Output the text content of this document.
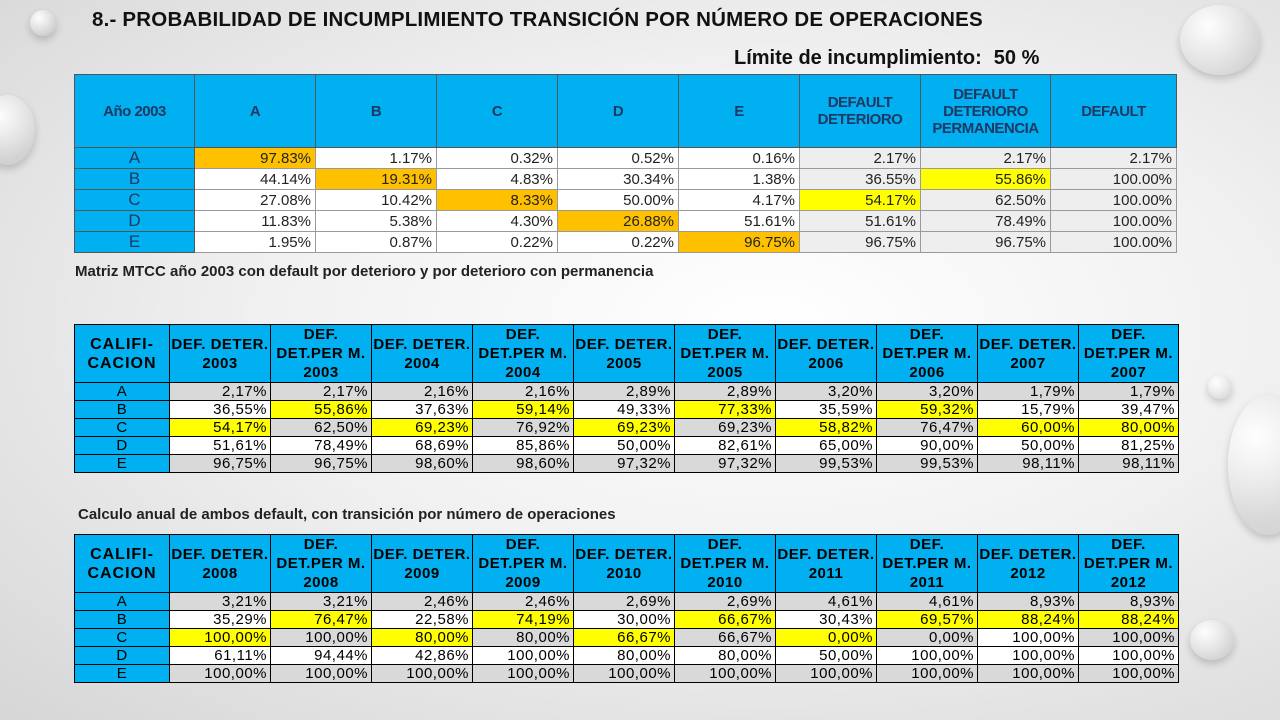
8.- PROBABILIDAD DE INCUMPLIMIENTO TRANSICIÓN POR NÚMERO DE OPERACIONES
Límite de incumplimiento: 50 %
Año 2003	A	B	C	D	E	DEFAULT DETERIORO	DEFAULT DETERIORO PERMANENCIA	DEFAULT
A	97.83%	1.17%	0.32%	0.52%	0.16%	2.17%	2.17%	2.17%
B	44.14%	19.31%	4.83%	30.34%	1.38%	36.55%	55.86%	100.00%
C	27.08%	10.42%	8.33%	50.00%	4.17%	54.17%	62.50%	100.00%
D	11.83%	5.38%	4.30%	26.88%	51.61%	51.61%	78.49%	100.00%
E	1.95%	0.87%	0.22%	0.22%	96.75%	96.75%	96.75%	100.00%
Matriz MTCC año 2003 con default por deterioro y por deterioro con permanencia
CALIFI- CACION	DEF. DETER. 2003	DEF. DET.PER M. 2003	DEF. DETER. 2004	DEF. DET.PER M. 2004	DEF. DETER. 2005	DEF. DET.PER M. 2005	DEF. DETER. 2006	DEF. DET.PER M. 2006	DEF. DETER. 2007	DEF. DET.PER M. 2007
A	2,17%	2,17%	2,16%	2,16%	2,89%	2,89%	3,20%	3,20%	1,79%	1,79%
B	36,55%	55,86%	37,63%	59,14%	49,33%	77,33%	35,59%	59,32%	15,79%	39,47%
C	54,17%	62,50%	69,23%	76,92%	69,23%	69,23%	58,82%	76,47%	60,00%	80,00%
D	51,61%	78,49%	68,69%	85,86%	50,00%	82,61%	65,00%	90,00%	50,00%	81,25%
E	96,75%	96,75%	98,60%	98,60%	97,32%	97,32%	99,53%	99,53%	98,11%	98,11%
Calculo anual de ambos default, con transición por número de operaciones
CALIFI- CACION	DEF. DETER. 2008	DEF. DET.PER M. 2008	DEF. DETER. 2009	DEF. DET.PER M. 2009	DEF. DETER. 2010	DEF. DET.PER M. 2010	DEF. DETER. 2011	DEF. DET.PER M. 2011	DEF. DETER. 2012	DEF. DET.PER M. 2012
A	3,21%	3,21%	2,46%	2,46%	2,69%	2,69%	4,61%	4,61%	8,93%	8,93%
B	35,29%	76,47%	22,58%	74,19%	30,00%	66,67%	30,43%	69,57%	88,24%	88,24%
C	100,00%	100,00%	80,00%	80,00%	66,67%	66,67%	0,00%	0,00%	100,00%	100,00%
D	61,11%	94,44%	42,86%	100,00%	80,00%	80,00%	50,00%	100,00%	100,00%	100,00%
E	100,00%	100,00%	100,00%	100,00%	100,00%	100,00%	100,00%	100,00%	100,00%	100,00%
